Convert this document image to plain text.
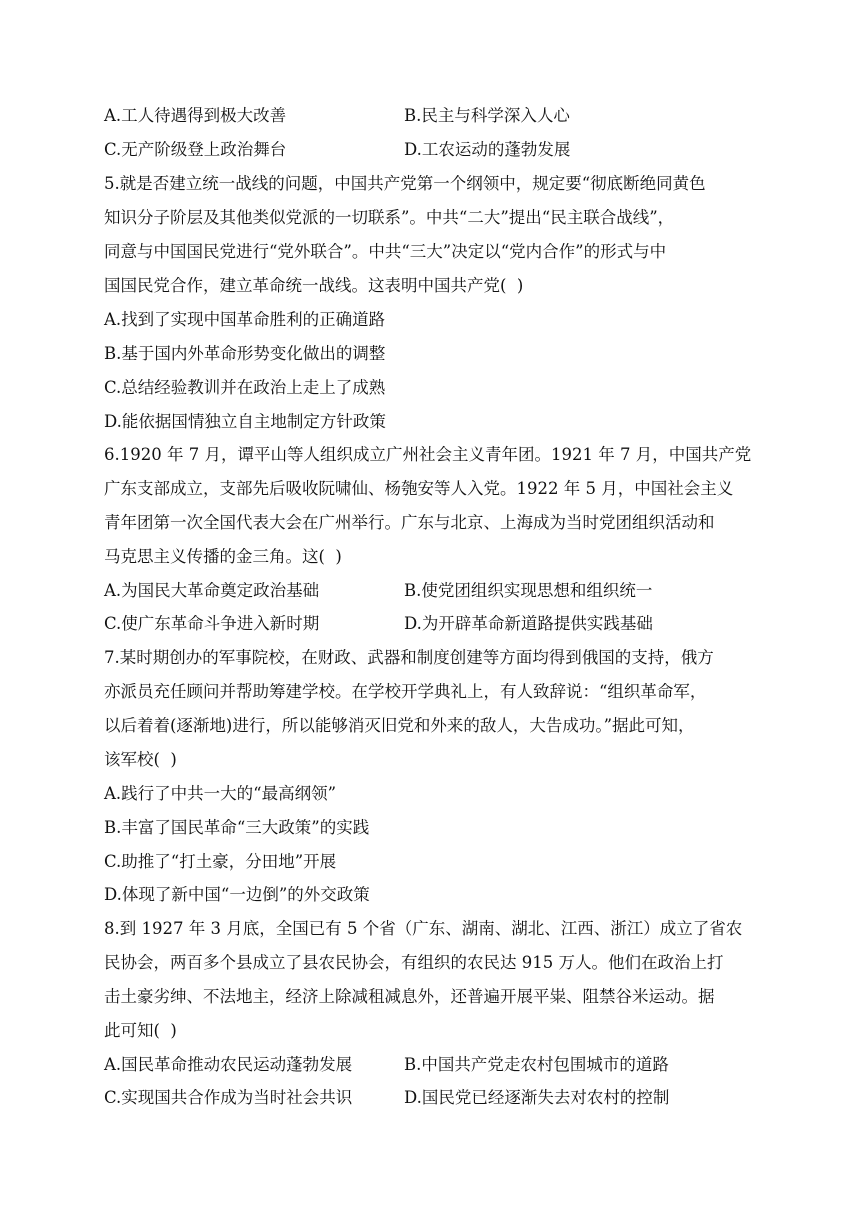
A.工人待遇得到极大改善	B.民主与科学深入人心
C.无产阶级登上政治舞台	D.工农运动的蓬勃发展
5.就是否建立统一战线的问题，中国共产党第一个纲领中，规定要“彻底断绝同黄色
知识分子阶层及其他类似党派的一切联系”。中共“二大”提出“民主联合战线”，
同意与中国国民党进行“党外联合”。中共“三大”决定以“党内合作”的形式与中
国国民党合作，建立革命统一战线。这表明中国共产党(  )
A.找到了实现中国革命胜利的正确道路
B.基于国内外革命形势变化做出的调整
C.总结经验教训并在政治上走上了成熟
D.能依据国情独立自主地制定方针政策
6.1920 年 7 月，谭平山等人组织成立广州社会主义青年团。1921 年 7 月，中国共产党
广东支部成立，支部先后吸收阮啸仙、杨匏安等人入党。1922 年 5 月，中国社会主义
青年团第一次全国代表大会在广州举行。广东与北京、上海成为当时党团组织活动和
马克思主义传播的金三角。这(  )
A.为国民大革命奠定政治基础	B.使党团组织实现思想和组织统一
C.使广东革命斗争进入新时期	D.为开辟革命新道路提供实践基础
7.某时期创办的军事院校，在财政、武器和制度创建等方面均得到俄国的支持，俄方
亦派员充任顾问并帮助筹建学校。在学校开学典礼上，有人致辞说：“组织革命军，
以后着着(逐渐地)进行，所以能够消灭旧党和外来的敌人，大告成功。”据此可知，
该军校(  )
A.践行了中共一大的“最高纲领”
B.丰富了国民革命“三大政策”的实践
C.助推了“打土豪，分田地”开展
D.体现了新中国“一边倒”的外交政策
8.到 1927 年 3 月底，全国已有 5 个省（广东、湖南、湖北、江西、浙江）成立了省农
民协会，两百多个县成立了县农民协会，有组织的农民达 915 万人。他们在政治上打
击土豪劣绅、不法地主，经济上除减租减息外，还普遍开展平粜、阻禁谷米运动。据
此可知(  )
A.国民革命推动农民运动蓬勃发展	B.中国共产党走农村包围城市的道路
C.实现国共合作成为当时社会共识	D.国民党已经逐渐失去对农村的控制
